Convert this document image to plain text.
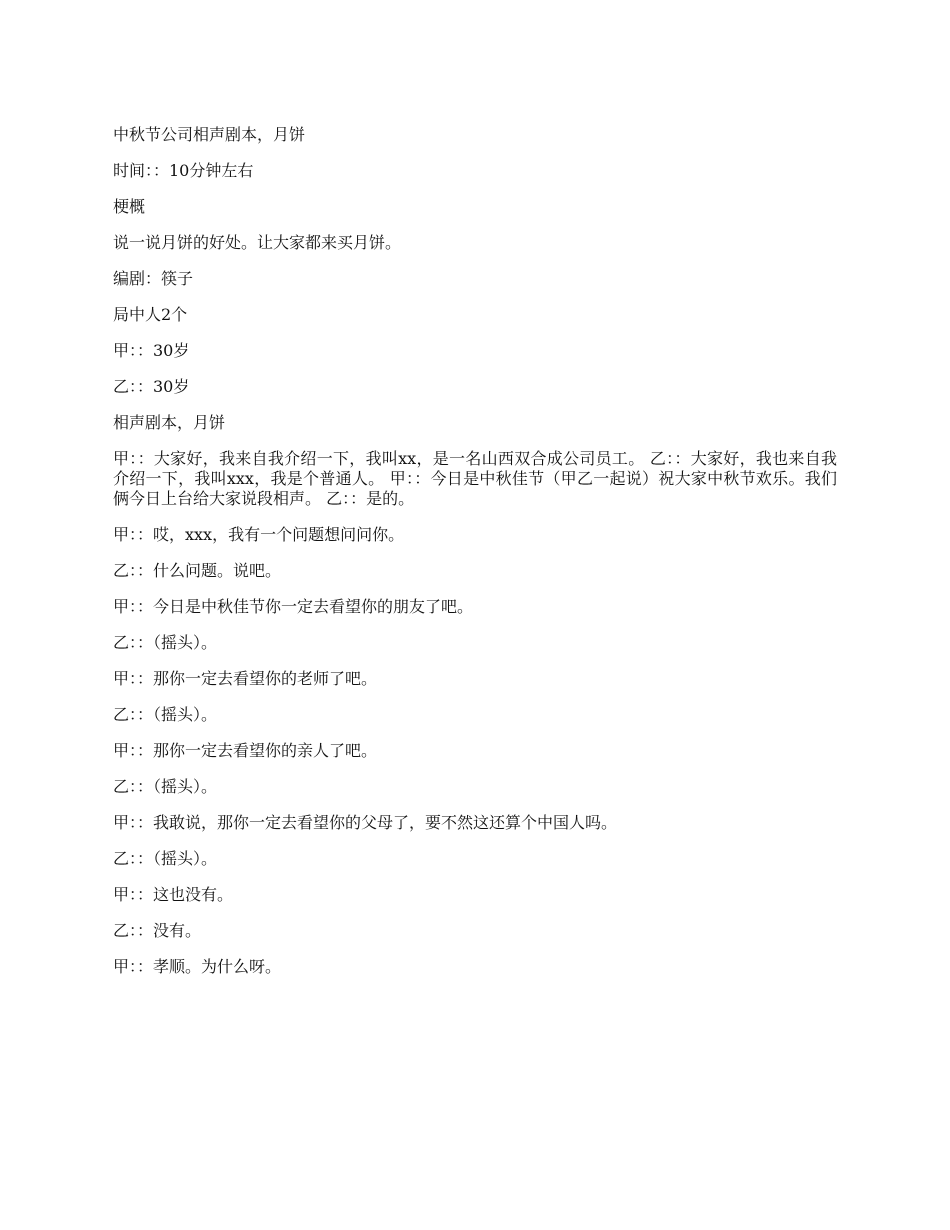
中秋节公司相声剧本，月饼

时间：：10分钟左右

梗概

说一说月饼的好处。让大家都来买月饼。

编剧：筷子

局中人2个

甲：：30岁

乙：：30岁

相声剧本，月饼

甲：：大家好，我来自我介绍一下，我叫xx，是一名山西双合成公司员工。 乙：：大家好，我也来自我介绍一下，我叫xxx，我是个普通人。 甲：：今日是中秋佳节（甲乙一起说）祝大家中秋节欢乐。我们俩今日上台给大家说段相声。 乙：：是的。

甲：：哎，xxx，我有一个问题想问问你。

乙：：什么问题。说吧。

甲：：今日是中秋佳节你一定去看望你的朋友了吧。

乙：：（摇头）。

甲：：那你一定去看望你的老师了吧。

乙：：（摇头）。

甲：：那你一定去看望你的亲人了吧。

乙：：（摇头）。

甲：：我敢说，那你一定去看望你的父母了，要不然这还算个中国人吗。

乙：：（摇头）。

甲：：这也没有。

乙：：没有。

甲：：孝顺。为什么呀。
